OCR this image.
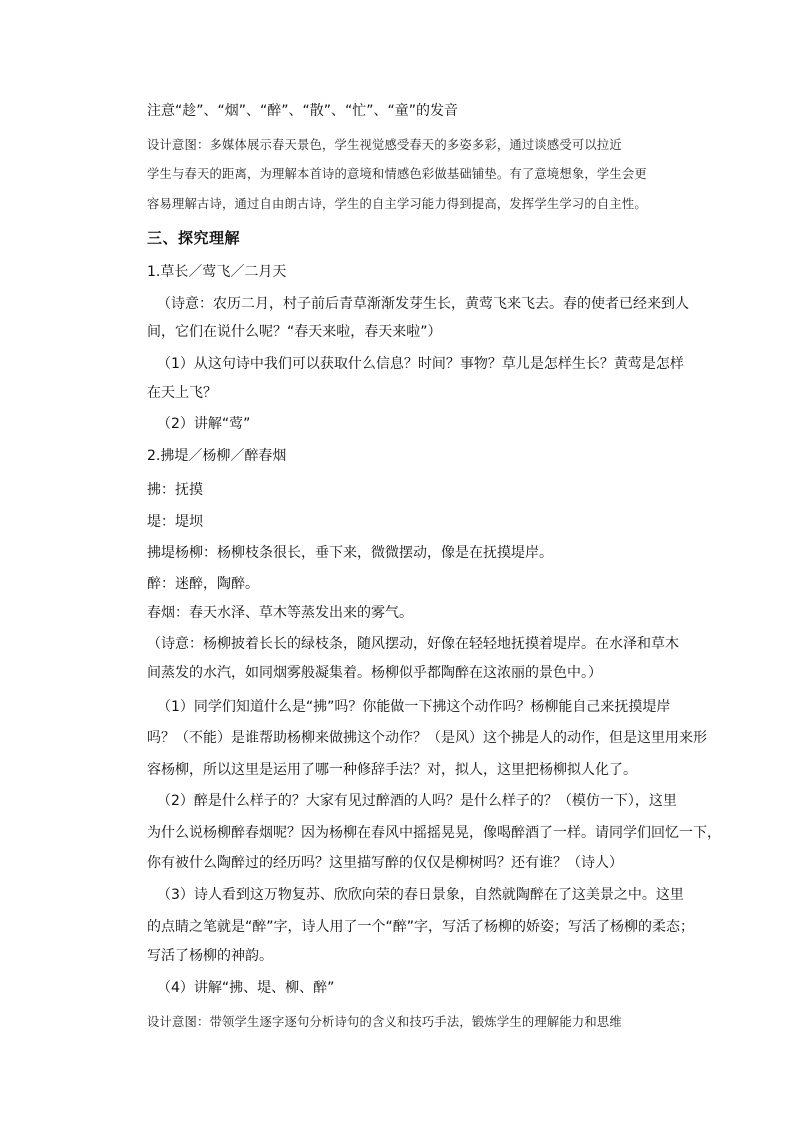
注意“趁”、“烟”、“醉”、“散”、“忙”、“童”的发音
设计意图：多媒体展示春天景色，学生视觉感受春天的多姿多彩，通过谈感受可以拉近
学生与春天的距离，为理解本首诗的意境和情感色彩做基础铺垫。有了意境想象，学生会更
容易理解古诗，通过自由朗古诗，学生的自主学习能力得到提高，发挥学生学习的自主性。
三、探究理解
1.草长／莺飞／二月天
（诗意：农历二月，村子前后青草渐渐发芽生长，黄莺飞来飞去。春的使者已经来到人
间，它们在说什么呢？“春天来啦，春天来啦”）
（1）从这句诗中我们可以获取什么信息？时间？事物？草儿是怎样生长？黄莺是怎样
在天上飞？
（2）讲解“莺”
2.拂堤／杨柳／醉春烟
拂：抚摸
堤：堤坝
拂堤杨柳：杨柳枝条很长，垂下来，微微摆动，像是在抚摸堤岸。
醉：迷醉，陶醉。
春烟：春天水泽、草木等蒸发出来的雾气。
（诗意：杨柳披着长长的绿枝条，随风摆动，好像在轻轻地抚摸着堤岸。在水泽和草木
间蒸发的水汽，如同烟雾般凝集着。杨柳似乎都陶醉在这浓丽的景色中。）
（1）同学们知道什么是“拂”吗？你能做一下拂这个动作吗？杨柳能自己来抚摸堤岸
吗？（不能）是谁帮助杨柳来做拂这个动作？（是风）这个拂是人的动作，但是这里用来形
容杨柳，所以这里是运用了哪一种修辞手法？对，拟人，这里把杨柳拟人化了。
（2）醉是什么样子的？大家有见过醉酒的人吗？是什么样子的？（模仿一下），这里
为什么说杨柳醉春烟呢？因为杨柳在春风中摇摇晃晃，像喝醉酒了一样。请同学们回忆一下，
你有被什么陶醉过的经历吗？这里描写醉的仅仅是柳树吗？还有谁？（诗人）
（3）诗人看到这万物复苏、欣欣向荣的春日景象，自然就陶醉在了这美景之中。这里
的点睛之笔就是“醉”字，诗人用了一个“醉”字，写活了杨柳的娇姿；写活了杨柳的柔态；
写活了杨柳的神韵。
（4）讲解“拂、堤、柳、醉”
设计意图：带领学生逐字逐句分析诗句的含义和技巧手法，锻炼学生的理解能力和思维
